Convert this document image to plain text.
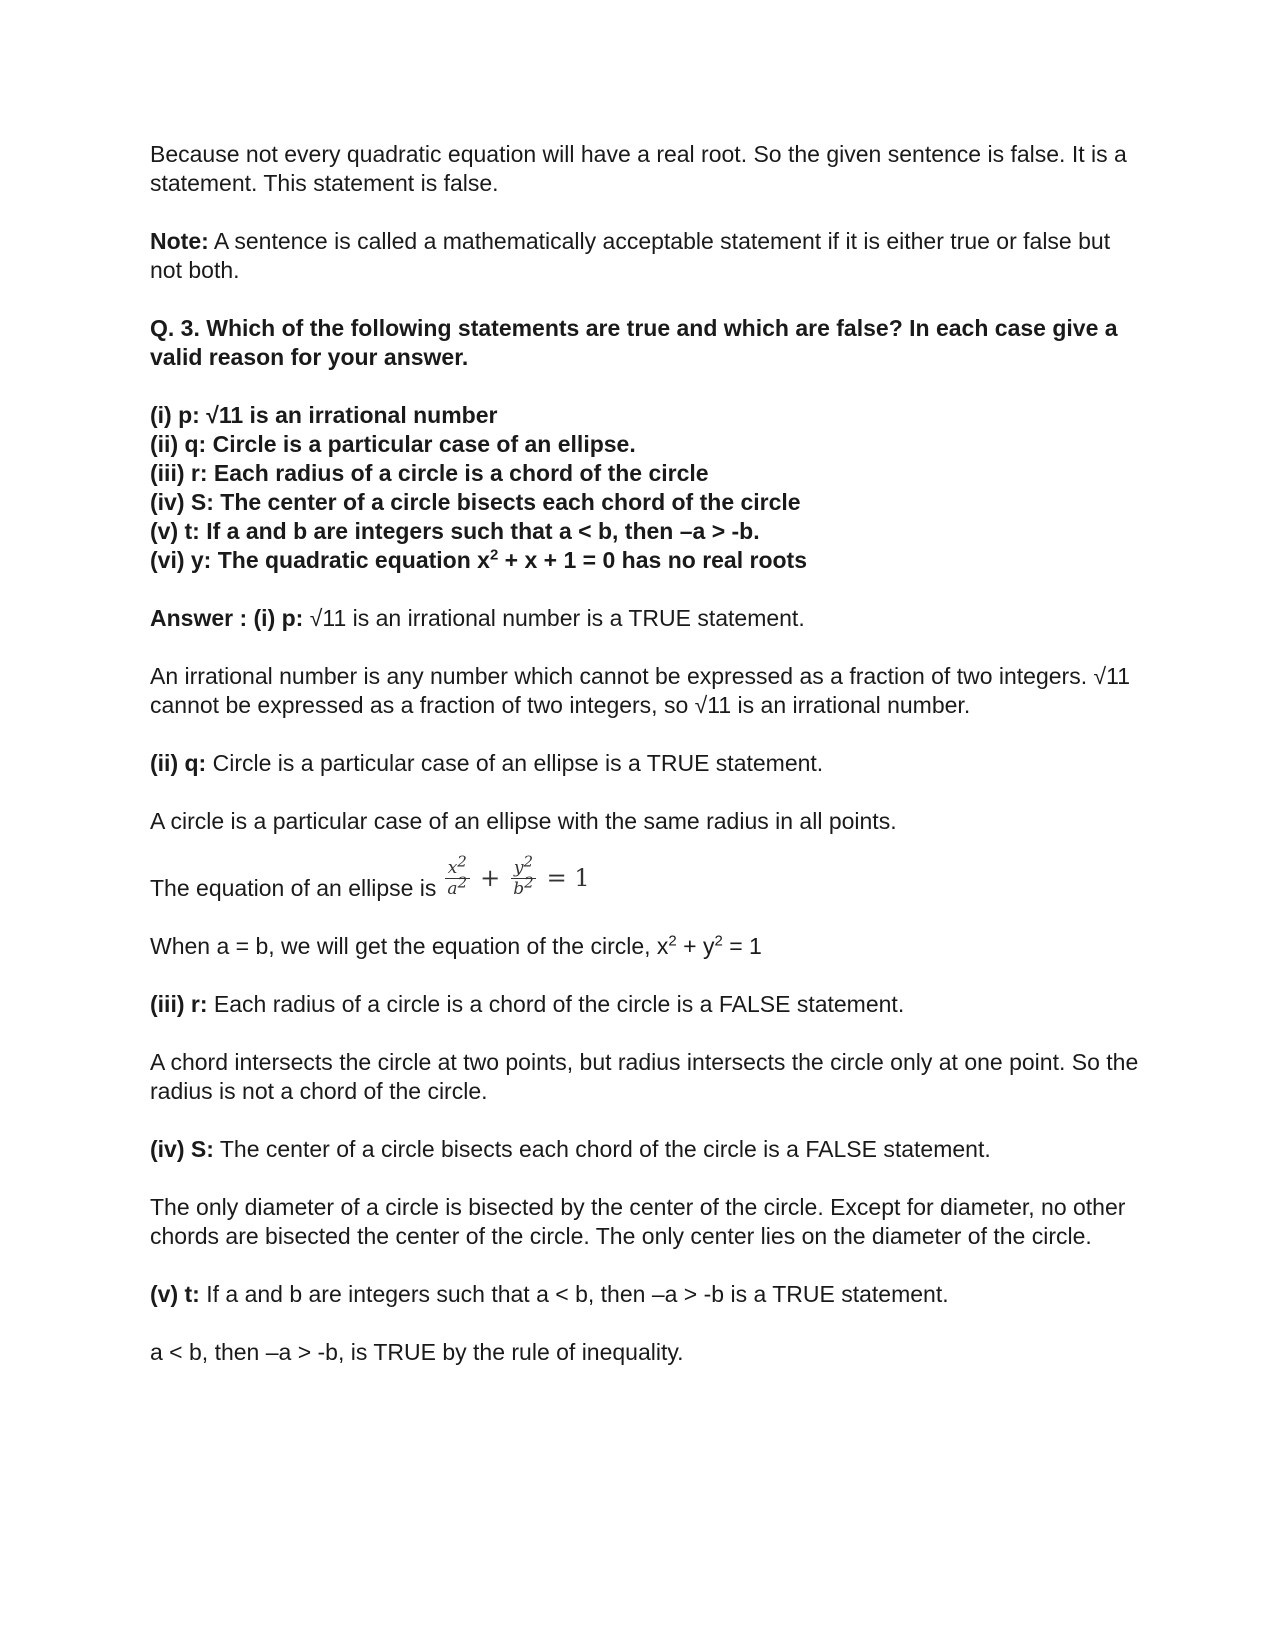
Because not every quadratic equation will have a real root. So the given sentence is false. It is a statement. This statement is false.

Note: A sentence is called a mathematically acceptable statement if it is either true or false but not both.

Q. 3. Which of the following statements are true and which are false? In each case give a valid reason for your answer.

(i) p: √11 is an irrational number

(ii) q: Circle is a particular case of an ellipse.

(iii) r: Each radius of a circle is a chord of the circle

(iv) S: The center of a circle bisects each chord of the circle

(v) t: If a and b are integers such that a < b, then –a > -b.

(vi) y: The quadratic equation $x^2 + x + 1 = 0$ has no real roots

Answer : (i) p: √11 is an irrational number is a TRUE statement.

An irrational number is any number which cannot be expressed as a fraction of two integers. √11 cannot be expressed as a fraction of two integers, so √11 is an irrational number.

(ii) q: Circle is a particular case of an ellipse is a TRUE statement.

A circle is a particular case of an ellipse with the same radius in all points.

The equation of an ellipse is $\frac{x^2}{a^2} + \frac{y^2}{b^2} = 1$

When a = b, we will get the equation of the circle, $x^2 + y^2 = 1$

(iii) r: Each radius of a circle is a chord of the circle is a FALSE statement.

A chord intersects the circle at two points, but radius intersects the circle only at one point. So the radius is not a chord of the circle.

(iv) S: The center of a circle bisects each chord of the circle is a FALSE statement.

The only diameter of a circle is bisected by the center of the circle. Except for diameter, no other chords are bisected the center of the circle. The only center lies on the diameter of the circle.

(v) t: If a and b are integers such that a < b, then –a > -b is a TRUE statement.

a < b, then –a > -b, is TRUE by the rule of inequality.
